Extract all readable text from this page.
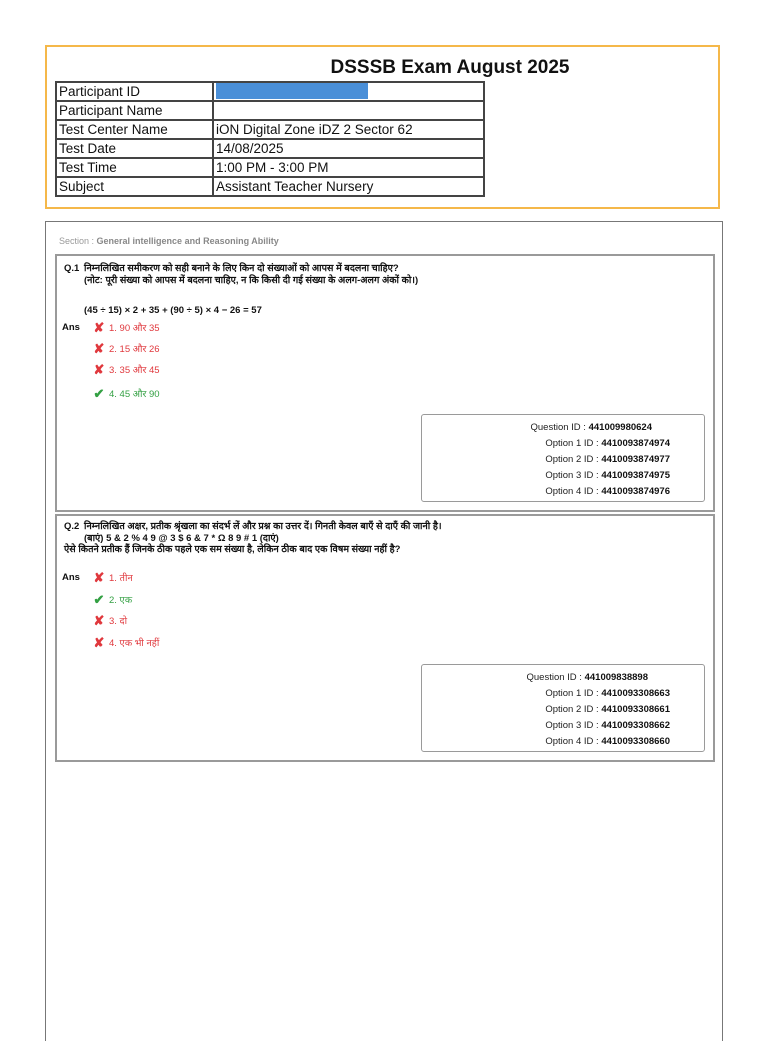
DSSSB Exam August 2025
Participant ID	
Participant Name	
Test Center Name	iON Digital Zone iDZ 2 Sector 62
Test Date	14/08/2025
Test Time	1:00 PM - 3:00 PM
Subject	Assistant Teacher Nursery
Section : General intelligence and Reasoning Ability
Q.1 निम्नलिखित समीकरण को सही बनाने के लिए किन दो संख्याओं को आपस में बदलना चाहिए?
(नोट: पूरी संख्या को आपस में बदलना चाहिए, न कि किसी दी गई संख्या के अलग-अलग अंकों को।)
(45 ÷ 15) × 2 + 35 + (90 ÷ 5) × 4 − 26 = 57
Ans ✘ 1. 90 और 35
✘ 2. 15 और 26
✘ 3. 35 और 45
✔ 4. 45 और 90
Question ID : 441009980624
Option 1 ID : 4410093874974
Option 2 ID : 4410093874977
Option 3 ID : 4410093874975
Option 4 ID : 4410093874976
Q.2 निम्नलिखित अक्षर, प्रतीक श्रृंखला का संदर्भ लें और प्रश्न का उत्तर दें। गिनती केवल बाएँ से दाएँ की जानी है।
(बाएं) 5 & 2 % 4 9 @ 3 $ 6 & 7 * Ω 8 9 # 1 (दाएं)
ऐसे कितने प्रतीक हैं जिनके ठीक पहले एक सम संख्या है, लेकिन ठीक बाद एक विषम संख्या नहीं है?
Ans ✘ 1. तीन
✔ 2. एक
✘ 3. दो
✘ 4. एक भी नहीं
Question ID : 441009838898
Option 1 ID : 4410093308663
Option 2 ID : 4410093308661
Option 3 ID : 4410093308662
Option 4 ID : 4410093308660
